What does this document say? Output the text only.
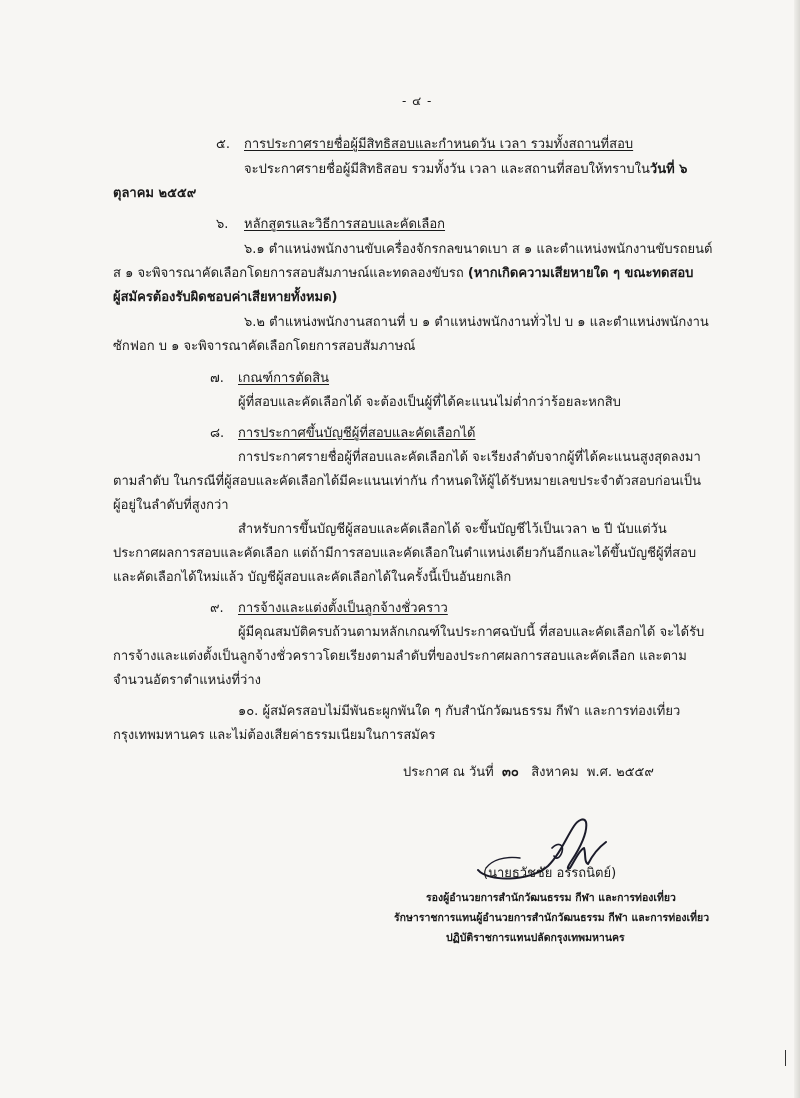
- ๔ -
๕. การประกาศรายชื่อผู้มีสิทธิสอบและกำหนดวัน เวลา รวมทั้งสถานที่สอบ
จะประกาศรายชื่อผู้มีสิทธิสอบ รวมทั้งวัน เวลา และสถานที่สอบให้ทราบในวันที่ ๖
ตุลาคม ๒๕๕๙
๖. หลักสูตรและวิธีการสอบและคัดเลือก
๖.๑ ตำแหน่งพนักงานขับเครื่องจักรกลขนาดเบา ส ๑ และตำแหน่งพนักงานขับรถยนต์
ส ๑ จะพิจารณาคัดเลือกโดยการสอบสัมภาษณ์และทดลองขับรถ (หากเกิดความเสียหายใด ๆ ขณะทดสอบ
ผู้สมัครต้องรับผิดชอบค่าเสียหายทั้งหมด)
๖.๒ ตำแหน่งพนักงานสถานที่ บ ๑ ตำแหน่งพนักงานทั่วไป บ ๑ และตำแหน่งพนักงาน
ซักฟอก บ ๑ จะพิจารณาคัดเลือกโดยการสอบสัมภาษณ์
๗. เกณฑ์การตัดสิน
ผู้ที่สอบและคัดเลือกได้ จะต้องเป็นผู้ที่ได้คะแนนไม่ต่ำกว่าร้อยละหกสิบ
๘. การประกาศขึ้นบัญชีผู้ที่สอบและคัดเลือกได้
การประกาศรายชื่อผู้ที่สอบและคัดเลือกได้ จะเรียงลำดับจากผู้ที่ได้คะแนนสูงสุดลงมา
ตามลำดับ ในกรณีที่ผู้สอบและคัดเลือกได้มีคะแนนเท่ากัน กำหนดให้ผู้ได้รับหมายเลขประจำตัวสอบก่อนเป็น
ผู้อยู่ในลำดับที่สูงกว่า
สำหรับการขึ้นบัญชีผู้สอบและคัดเลือกได้ จะขึ้นบัญชีไว้เป็นเวลา ๒ ปี นับแต่วัน
ประกาศผลการสอบและคัดเลือก แต่ถ้ามีการสอบและคัดเลือกในตำแหน่งเดียวกันอีกและได้ขึ้นบัญชีผู้ที่สอบ
และคัดเลือกได้ใหม่แล้ว บัญชีผู้สอบและคัดเลือกได้ในครั้งนี้เป็นอันยกเลิก
๙. การจ้างและแต่งตั้งเป็นลูกจ้างชั่วคราว
ผู้มีคุณสมบัติครบถ้วนตามหลักเกณฑ์ในประกาศฉบับนี้ ที่สอบและคัดเลือกได้ จะได้รับ
การจ้างและแต่งตั้งเป็นลูกจ้างชั่วคราวโดยเรียงตามลำดับที่ของประกาศผลการสอบและคัดเลือก และตาม
จำนวนอัตราตำแหน่งที่ว่าง
๑๐. ผู้สมัครสอบไม่มีพันธะผูกพันใด ๆ กับสำนักวัฒนธรรม กีฬา และการท่องเที่ยว
กรุงเทพมหานคร และไม่ต้องเสียค่าธรรมเนียมในการสมัคร
ประกาศ ณ วันที่ ๓๐ สิงหาคม พ.ศ. ๒๕๕๙
(นายธวัชชัย อรรถนิตย์)
รองผู้อำนวยการสำนักวัฒนธรรม กีฬา และการท่องเที่ยว
รักษาราชการแทนผู้อำนวยการสำนักวัฒนธรรม กีฬา และการท่องเที่ยว
ปฏิบัติราชการแทนปลัดกรุงเทพมหานคร
